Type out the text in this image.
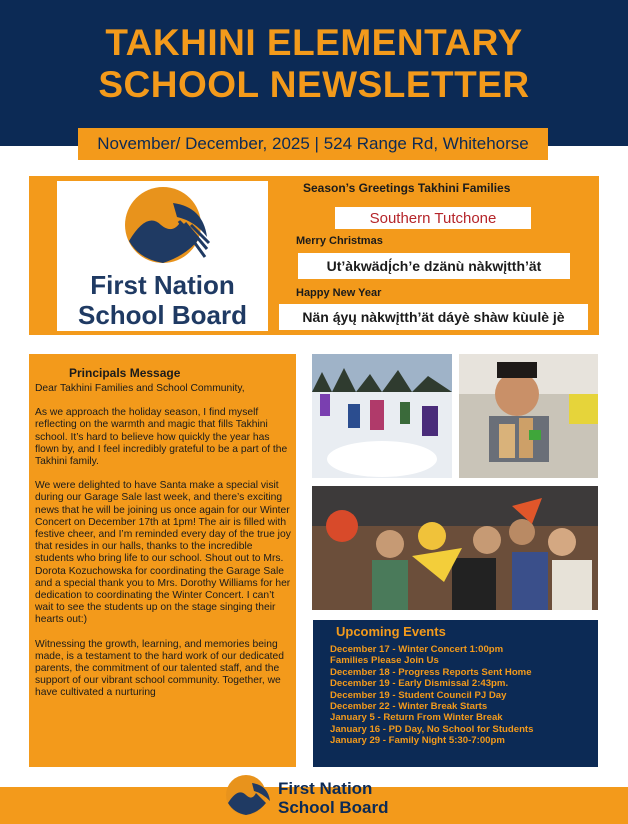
TAKHINI ELEMENTARY
SCHOOL NEWSLETTER
November/ December, 2025 | 524 Range Rd, Whitehorse
First Nation
School Board
Season’s Greetings Takhini Families
Southern Tutchone
Merry Christmas
Ut’àkwädį́ch’e dzänù nàkwįtth’ät
Happy New Year
Nän ą́yų nàkwįtth’ät dáyè shàw kùulè jè
Principals Message

Dear Takhini Families and School Community,

As we approach the holiday season, I find myself reflecting on the warmth and magic that fills Takhini school. It’s hard to believe how quickly the year has flown by, and I feel incredibly grateful to be a part of the Takhini family.

We were delighted to have Santa make a special visit during our Garage Sale last week, and there’s exciting news that he will be joining us once again for our Winter Concert on December 17th at 1pm! The air is filled with festive cheer, and I’m reminded every day of the true joy that resides in our halls, thanks to the incredible students who bring life to our school. Shout out to Mrs. Dorota Kozuchowska for coordinating the Garage Sale and a special thank you to Mrs. Dorothy Williams for her dedication to coordinating the Winter Concert. I can’t wait to see the students up on the stage singing their hearts out:)

Witnessing the growth, learning, and memories being made, is a testament to the hard work of our dedicated parents, the commitment of our talented staff, and the support of our vibrant school community. Together, we have cultivated a nurturing

Upcoming Events
December 17 - Winter Concert 1:00pm
Families Please Join Us
December 18 - Progress Reports Sent Home
December 19 - Early Dismissal 2:43pm.
December 19 - Student Council PJ Day
December 22 - Winter Break Starts
January 5 - Return From Winter Break
January 16 - PD Day, No School for Students
January 29 - Family Night 5:30-7:00pm
First Nation
School Board
